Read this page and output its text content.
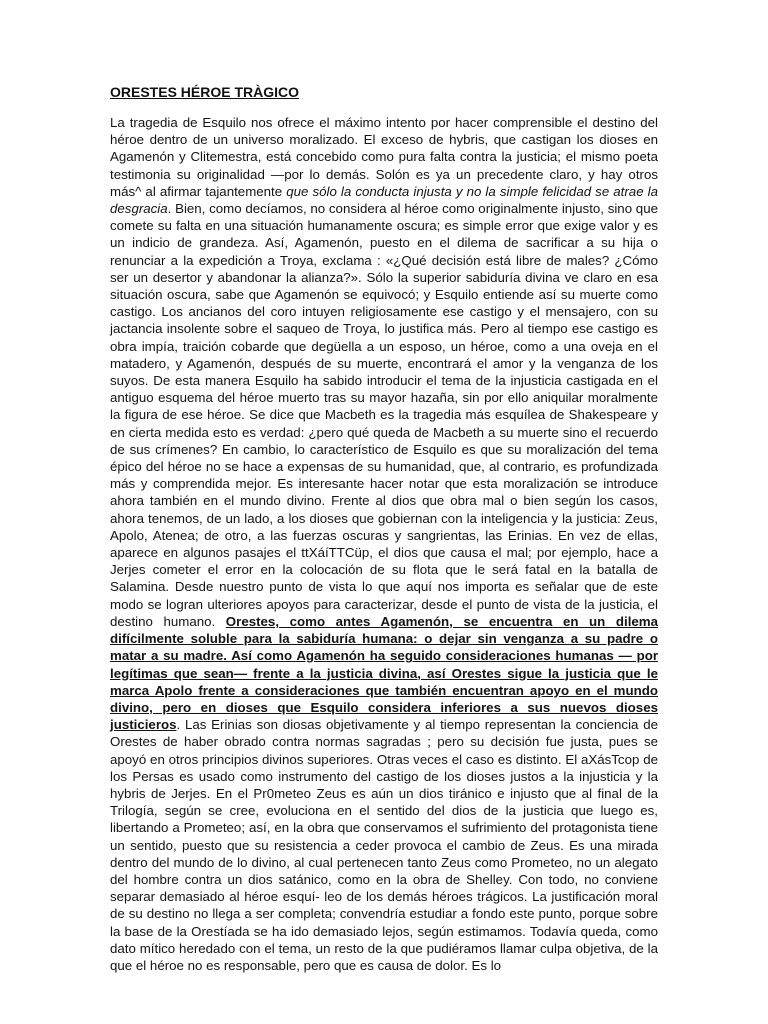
ORESTES HÉROE TRÀGICO

La tragedia de Esquilo nos ofrece el máximo intento por hacer comprensible el destino del héroe dentro de un universo moralizado. El exceso de hybris, que castigan los dioses en Agamenón y Clitemestra, está concebido como pura falta contra la justicia; el mismo poeta testimonia su originalidad —por lo demás. Solón es ya un precedente claro, y hay otros más^ al afirmar tajantemente que sólo la conducta injusta y no la simple felicidad se atrae la desgracia. Bien, como decíamos, no considera al héroe como originalmente injusto, sino que comete su falta en una situación humanamente oscura; es simple error que exige valor y es un indicio de grandeza. Así, Agamenón, puesto en el dilema de sacrificar a su hija o renunciar a la expedición a Troya, exclama : «¿Qué decisión está libre de males? ¿Cómo ser un desertor y abandonar la alianza?». Sólo la superior sabiduría divina ve claro en esa situación oscura, sabe que Agamenón se equivocó; y Esquilo entiende así su muerte como castigo. Los ancianos del coro intuyen religiosamente ese castigo y el mensajero, con su jactancia insolente sobre el saqueo de Troya, lo justifica más. Pero al tiempo ese castigo es obra impía, traición cobarde que degüella a un esposo, un héroe, como a una oveja en el matadero, y Agamenón, después de su muerte, encontrará el amor y la venganza de los suyos. De esta manera Esquilo ha sabido introducir el tema de la injusticia castigada en el antiguo esquema del héroe muerto tras su mayor hazaña, sin por ello aniquilar moralmente la figura de ese héroe. Se dice que Macbeth es la tragedia más esquílea de Shakespeare y en cierta medida esto es verdad: ¿pero qué queda de Macbeth a su muerte sino el recuerdo de sus crímenes? En cambio, lo característico de Esquilo es que su moralización del tema épico del héroe no se hace a expensas de su humanidad, que, al contrario, es profundizada más y comprendida mejor. Es interesante hacer notar que esta moralización se introduce ahora también en el mundo divino. Frente al dios que obra mal o bien según los casos, ahora tenemos, de un lado, a los dioses que gobiernan con la inteligencia y la justicia: Zeus, Apolo, Atenea; de otro, a las fuerzas oscuras y sangrientas, las Erinias. En vez de ellas, aparece en algunos pasajes el ttXáíTTCüp, el dios que causa el mal; por ejemplo, hace a Jerjes cometer el error en la colocación de su flota que le será fatal en la batalla de Salamina. Desde nuestro punto de vista lo que aquí nos importa es señalar que de este modo se logran ulteriores apoyos para caracterizar, desde el punto de vista de la justicia, el destino humano. Orestes, como antes Agamenón, se encuentra en un dilema difícilmente soluble para la sabiduría humana: o dejar sin venganza a su padre o matar a su madre. Así como Agamenón ha seguido consideraciones humanas — por legítimas que sean— frente a la justicia divina, así Orestes sigue la justicia que le marca Apolo frente a consideraciones que también encuentran apoyo en el mundo divino, pero en dioses que Esquilo considera inferiores a sus nuevos dioses justicieros. Las Erinias son diosas objetivamente y al tiempo representan la conciencia de Orestes de haber obrado contra normas sagradas ; pero su decisión fue justa, pues se apoyó en otros principios divinos superiores. Otras veces el caso es distinto. El aXásTcop de los Persas es usado como instrumento del castigo de los dioses justos a la injusticia y la hybris de Jerjes. En el Pr0meteo Zeus es aún un dios tiránico e injusto que al final de la Trilogía, según se cree, evoluciona en el sentido del dios de la justicia que luego es, libertando a Prometeo; así, en la obra que conservamos el sufrimiento del protagonista tiene un sentido, puesto que su resistencia a ceder provoca el cambio de Zeus. Es una mirada dentro del mundo de lo divino, al cual pertenecen tanto Zeus como Prometeo, no un alegato del hombre contra un dios satánico, como en la obra de Shelley. Con todo, no conviene separar demasiado al héroe esquí- leo de los demás héroes trágicos. La justificación moral de su destino no llega a ser completa; convendría estudiar a fondo este punto, porque sobre la base de la Orestíada se ha ido demasiado lejos, según estimamos. Todavía queda, como dato mítico heredado con el tema, un resto de la que pudiéramos llamar culpa objetiva, de la que el héroe no es responsable, pero que es causa de dolor. Es lo
